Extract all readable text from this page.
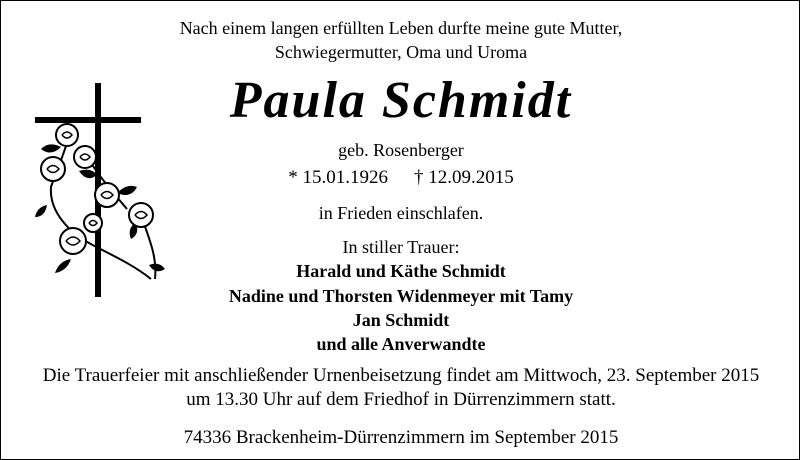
Nach einem langen erfüllten Leben durfte meine gute Mutter,
Schwiegermutter, Oma und Uroma
Paula Schmidt
geb. Rosenberger
* 15.01.1926 † 12.09.2015
in Frieden einschlafen.
In stiller Trauer:
Harald und Käthe Schmidt
Nadine und Thorsten Widenmeyer mit Tamy
Jan Schmidt
und alle Anverwandte
Die Trauerfeier mit anschließender Urnenbeisetzung findet am Mittwoch, 23. September 2015
um 13.30 Uhr auf dem Friedhof in Dürrenzimmern statt.
74336 Brackenheim-Dürrenzimmern im September 2015
